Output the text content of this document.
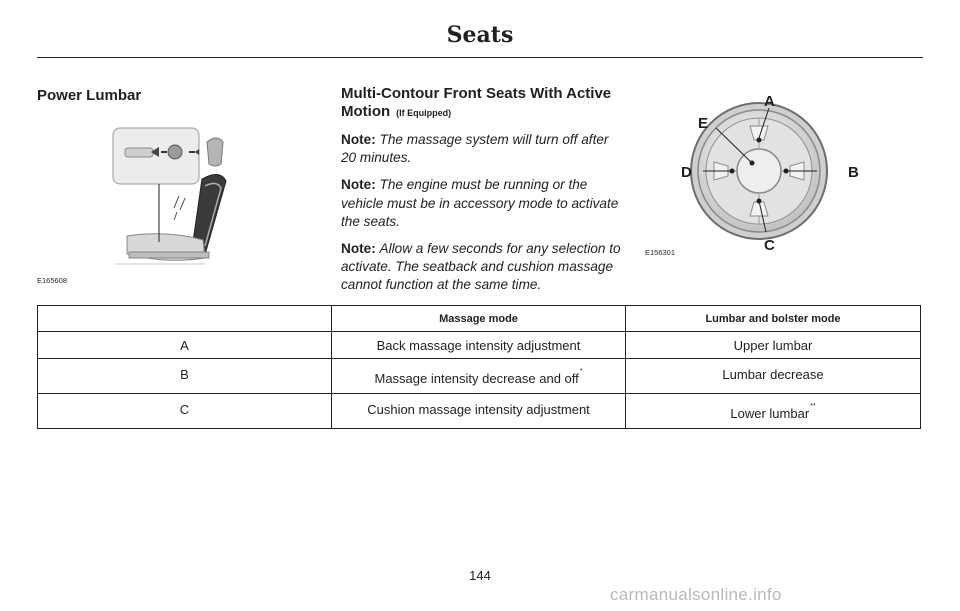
Seats
Power Lumbar
E165608
Multi-Contour Front Seats With Active Motion (If Equipped)

Note: The massage system will turn off after 20 minutes.

Note: The engine must be running or the vehicle must be in accessory mode to activate the seats.

Note: Allow a few seconds for any selection to activate. The seatback and cushion massage cannot function at the same time.

A
E
D	B
C
E156301
	Massage mode	Lumbar and bolster mode
A	Back massage intensity adjustment	Upper lumbar
B	Massage intensity decrease and off*	Lumbar decrease
C	Cushion massage intensity adjustment	Lower lumbar**
144
carmanualsonline.info
